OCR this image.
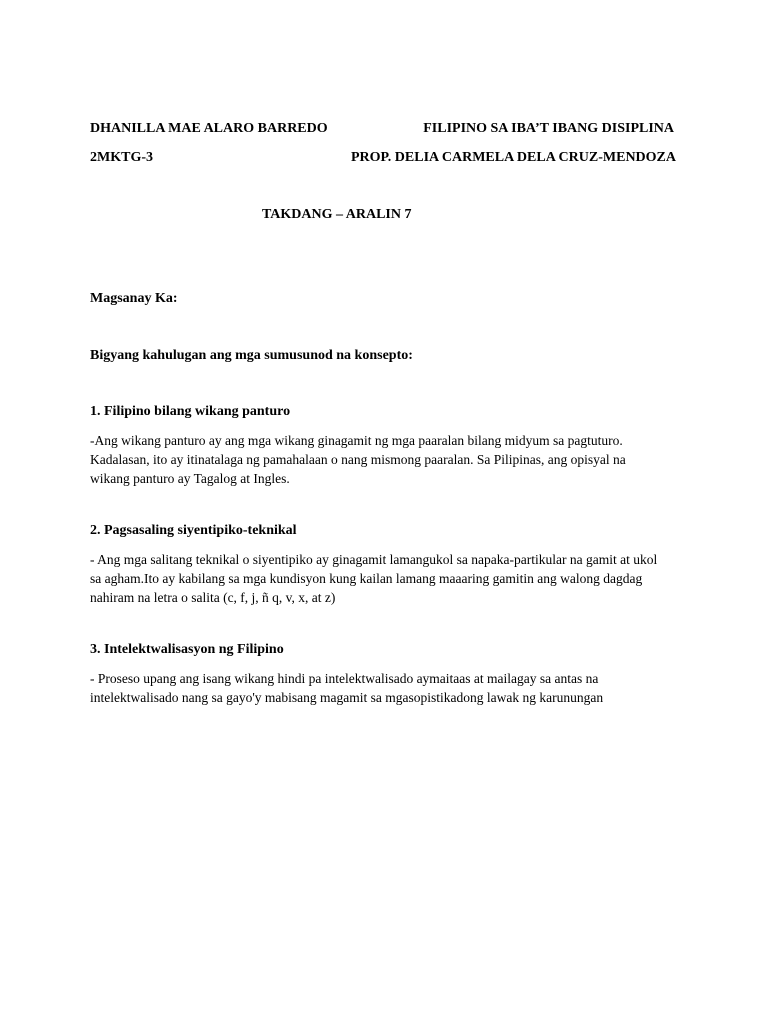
DHANILLA MAE ALARO BARREDO	FILIPINO SA IBA’T IBANG DISIPLINA
2MKTG-3	PROP. DELIA CARMELA DELA CRUZ-MENDOZA
TAKDANG – ARALIN 7
Magsanay Ka:
Bigyang kahulugan ang mga sumusunod na konsepto:
1. Filipino bilang wikang panturo
-Ang wikang panturo ay ang mga wikang ginagamit ng mga paaralan bilang midyum sa pagtuturo.
Kadalasan, ito ay itinatalaga ng pamahalaan o nang mismong paaralan. Sa Pilipinas, ang opisyal na
wikang panturo ay Tagalog at Ingles.
2. Pagsasaling siyentipiko-teknikal
- Ang mga salitang teknikal o siyentipiko ay ginagamit lamangukol sa napaka-partikular na gamit at ukol
sa agham.Ito ay kabilang sa mga kundisyon kung kailan lamang maaaring gamitin ang walong dagdag
nahiram na letra o salita (c, f, j, ñ q, v, x, at z)
3. Intelektwalisasyon ng Filipino
- Proseso upang ang isang wikang hindi pa intelektwalisado aymaitaas at mailagay sa antas na
intelektwalisado nang sa gayo'y mabisang magamit sa mgasopistikadong lawak ng karunungan
